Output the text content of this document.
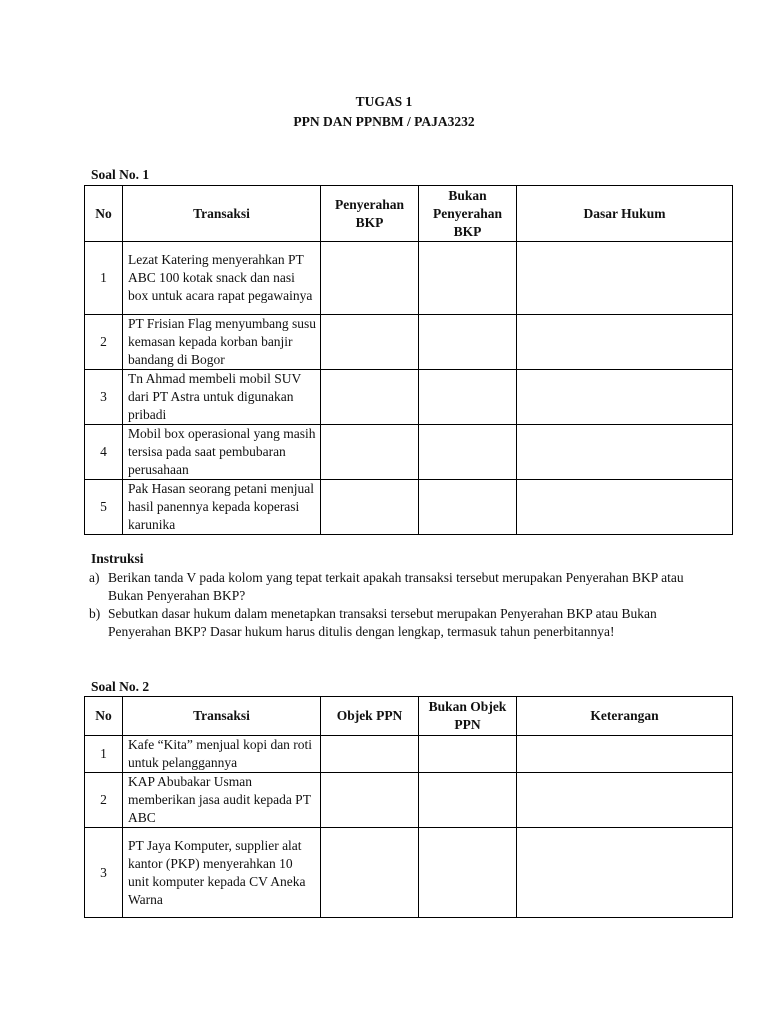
TUGAS 1
PPN DAN PPNBM / PAJA3232
Soal No. 1
No	Transaksi	Penyerahan BKP	Bukan Penyerahan BKP	Dasar Hukum
1	Lezat Katering menyerahkan PT ABC 100 kotak snack dan nasi box untuk acara rapat pegawainya			
2	PT Frisian Flag menyumbang susu kemasan kepada korban banjir bandang di Bogor			
3	Tn Ahmad membeli mobil SUV dari PT Astra untuk digunakan pribadi			
4	Mobil box operasional yang masih tersisa pada saat pembubaran perusahaan			
5	Pak Hasan seorang petani menjual hasil panennya kepada koperasi karunika			
Instruksi
a) Berikan tanda V pada kolom yang tepat terkait apakah transaksi tersebut merupakan Penyerahan BKP atau Bukan Penyerahan BKP?
b) Sebutkan dasar hukum dalam menetapkan transaksi tersebut merupakan Penyerahan BKP atau Bukan Penyerahan BKP? Dasar hukum harus ditulis dengan lengkap, termasuk tahun penerbitannya!
Soal No. 2
No	Transaksi	Objek PPN	Bukan Objek PPN	Keterangan
1	Kafe “Kita” menjual kopi dan roti untuk pelanggannya			
2	KAP Abubakar Usman memberikan jasa audit kepada PT ABC			
3	PT Jaya Komputer, supplier alat kantor (PKP) menyerahkan 10 unit komputer kepada CV Aneka Warna			
